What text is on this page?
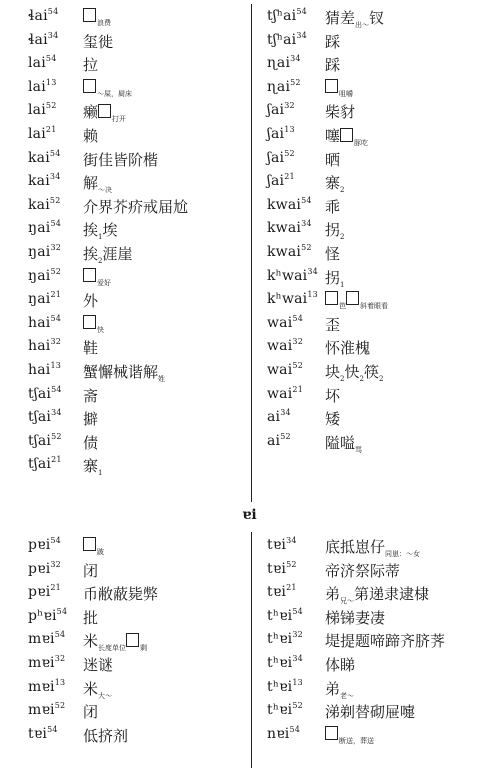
ɬai$^{54}$
$_{浪费}$
ɬai$^{34}$ 玺徙
lai$^{54}$ 拉
lai$^{13}$
$_{\sim 屎,屙床}$
lai$^{52}$ 癞 $_{打开}$
lai$^{21}$ 赖
kai$^{54}$ 街佳皆阶楷
kai$^{34}$ 解$_{\sim 决}$
kai$^{52}$ 介界芥疥戒届尬
ŋai$^{54}$ 挨$_1$埃
ŋai$^{32}$ 挨$_2$涯崖
ŋai$^{52}$
$_{爱好}$
ŋai$^{21}$ 外
hai$^{54}$
$_快$
hai$^{32}$ 鞋
hai$^{13}$ 蟹懈械谐解$_姓$
tʃai$^{54}$ 斋
tʃai$^{34}$ 擗
tʃai$^{52}$ 债
tʃai$^{21}$ 寨$_1$
tʃʰai$^{54}$ 猜差$_{出\sim}$钗
tʃʰai$^{34}$ 踩
ɳai$^{34}$ 踩
ɳai$^{52}$
$_{咀嚼}$
ʃai$^{32}$ 柴豺
ʃai$^{13}$ 噻 $_{豚吃}$
ʃai$^{52}$ 晒
ʃai$^{21}$ 寨$_2$
kwai$^{54}$ 乖
kwai$^{34}$ 拐$_2$
kwai$^{52}$ 怪
kʰwai$^{34}$ 拐$_1$
kʰwai$^{13}$
$_笆$ $_{斜着眼看}$
wai$^{54}$ 歪
wai$^{32}$ 怀淮槐
wai$^{52}$ 块$_2$快$_2$筷$_2$
wai$^{21}$ 坏
$ai^{34}$ 矮
$ai^{52}$ 隘嗌$_骂$
ɐi
pɐi$^{54}$
$_跛$
pɐi$^{32}$ 闭
pɐi$^{21}$ 币敝蔽毙弊
pʰɐi$^{54}$ 批
mɐi$^{54}$ 米$_{长度单位}$ $_剩$
mɐi$^{32}$ 迷谜
mɐi$^{13}$ 米$_{大\sim}$
mɐi$^{52}$ 闭
tɐi$^{54}$ 低挤剂
tɐi$^{34}$ 底抵崽仔$_{同崽:\sim 女}$
tɐi$^{52}$ 帝济祭际蒂
tɐi$^{21}$ 弟$_{兄\sim}$第递隶逮棣
tʰɐi$^{54}$ 梯锑妻凄
tʰɐi$^{32}$ 堤提题啼蹄齐脐荠
tʰɐi$^{34}$ 体睇
tʰɐi$^{13}$ 弟$_{老\sim}$
tʰɐi$^{52}$ 涕剃替砌屉嚏
nɐi$^{54}$
$_{断送,葬送}$
